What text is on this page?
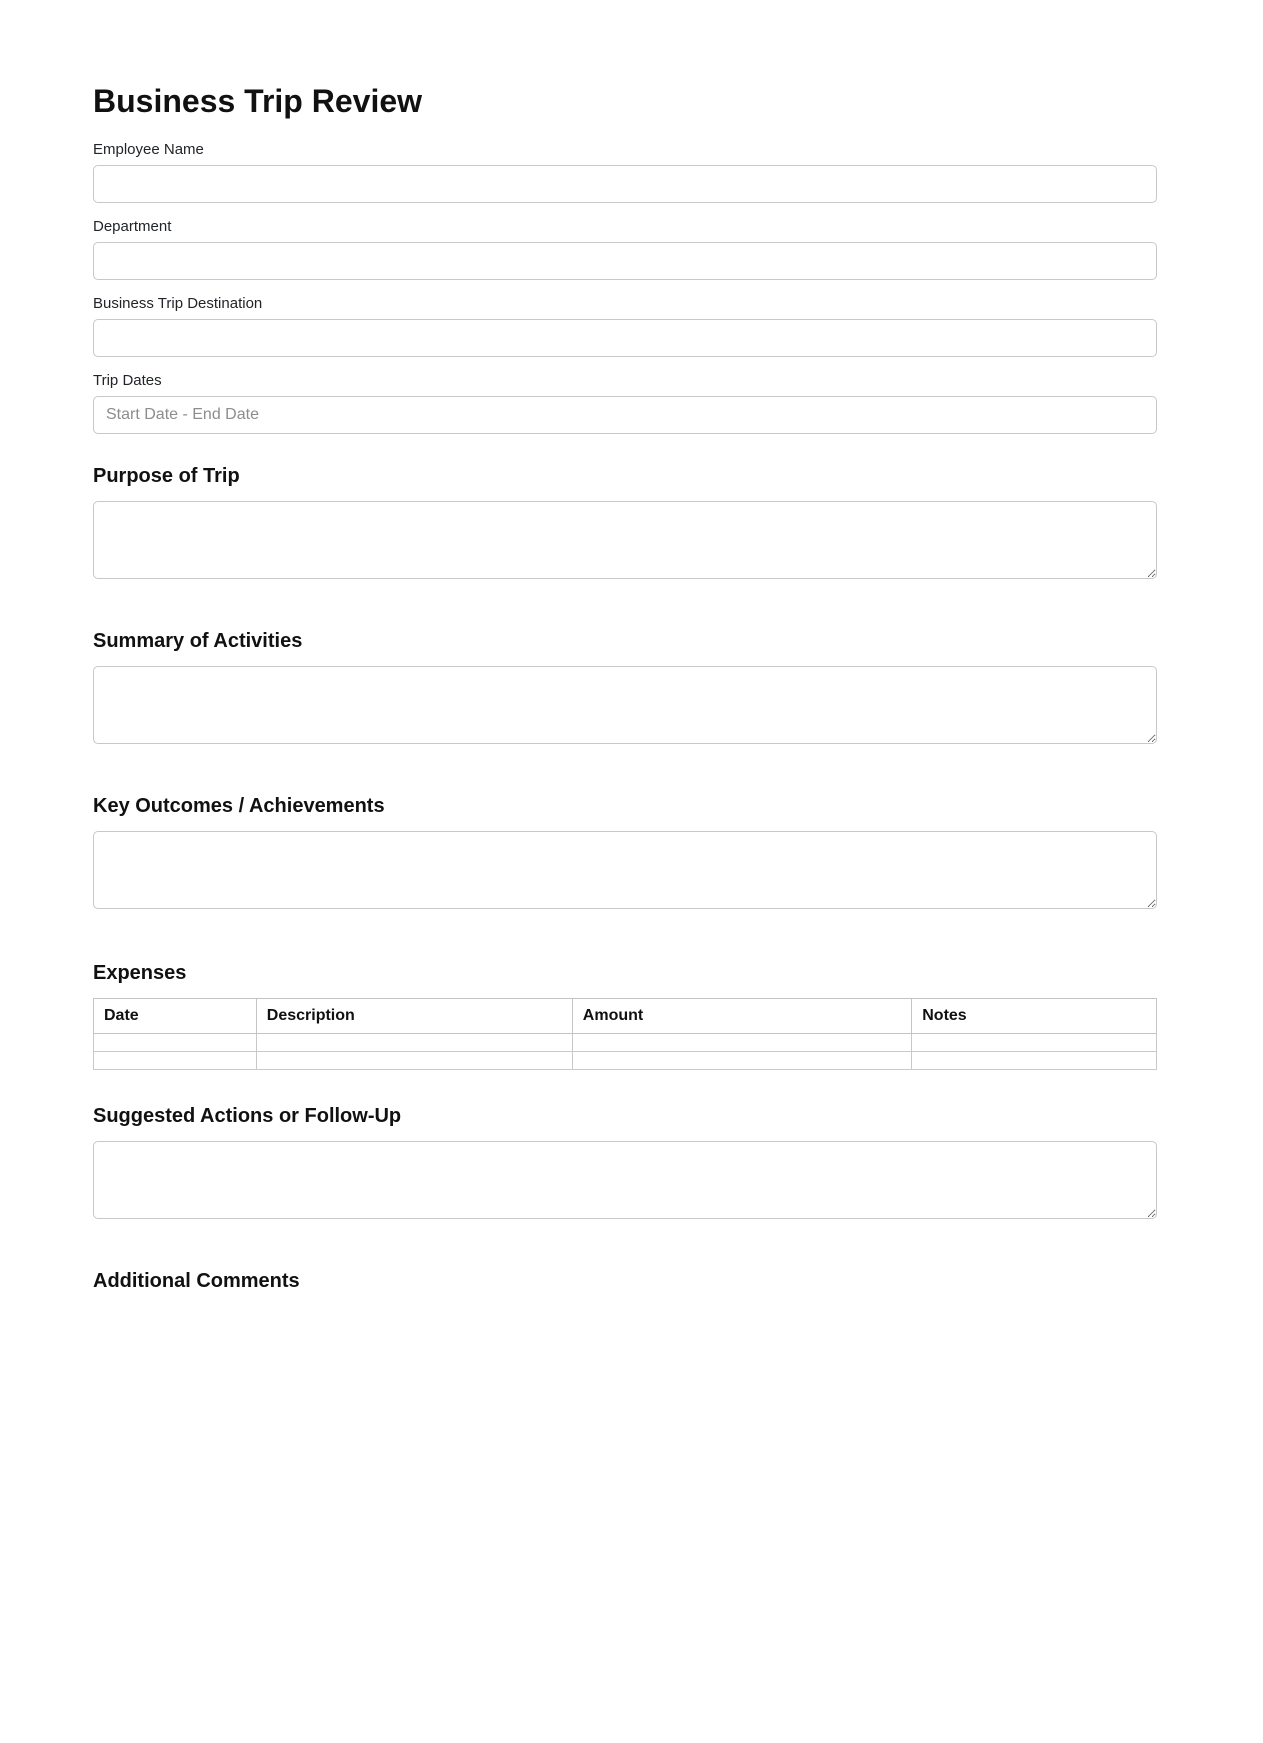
Business Trip Review
Employee Name
Department
Business Trip Destination
Trip Dates
Start Date - End Date
Purpose of Trip
Summary of Activities
Key Outcomes / Achievements
Expenses
Date	Description	Amount	Notes

Suggested Actions or Follow-Up
Additional Comments
